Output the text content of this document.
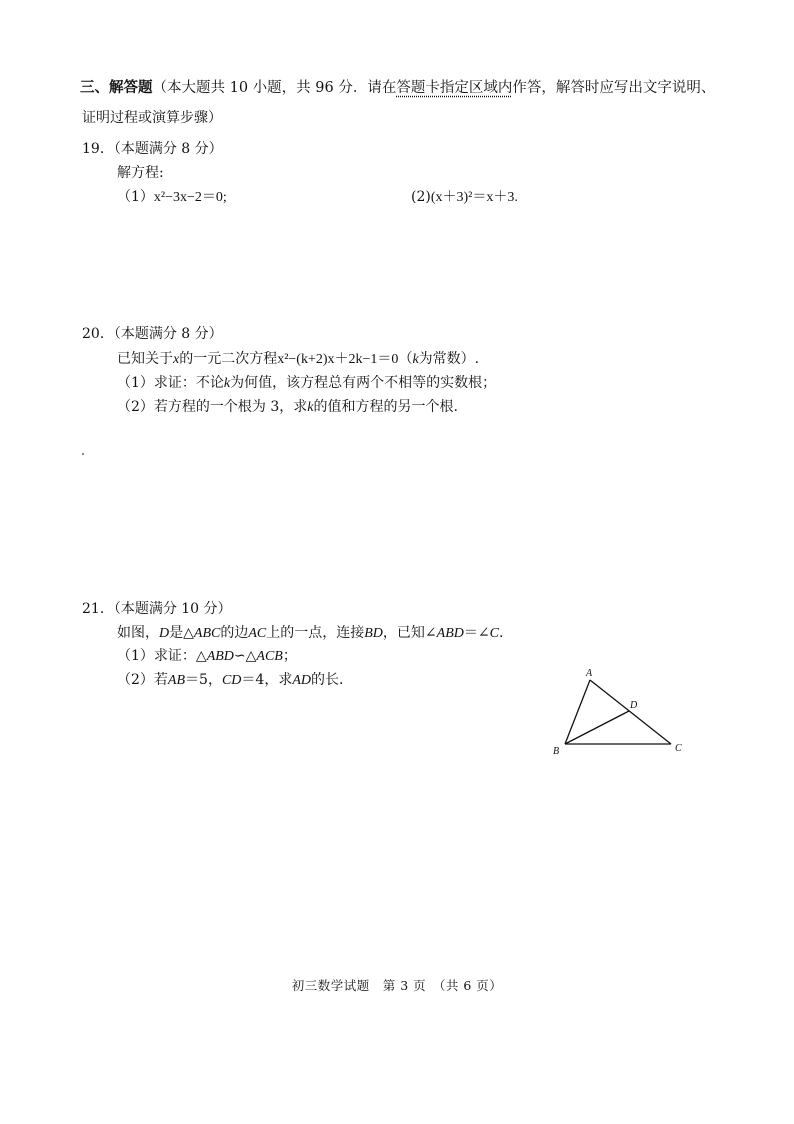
三、解答题（本大题共 10 小题，共 96 分．请在答题卡指定区域内作答，解答时应写出文字说明、
证明过程或演算步骤）
19．（本题满分 8 分）
解方程:
（1）x²−3x−2＝0;	(2)(x＋3)²＝x＋3.
20．（本题满分 8 分）
已知关于x的一元二次方程x²−(k+2)x＋2k−1＝0（k为常数）.
（1）求证：不论k为何值，该方程总有两个不相等的实数根；
（2）若方程的一个根为 3，求k的值和方程的另一个根.
21．（本题满分 10 分）
如图，D是△ABC的边AC上的一点，连接BD，已知∠ABD＝∠C.
（1）求证：△ABD∽△ACB；
（2）若AB＝5，CD＝4，求AD的长.	A
D
B	C
初三数学试题　第 3 页　（共 6 页）
